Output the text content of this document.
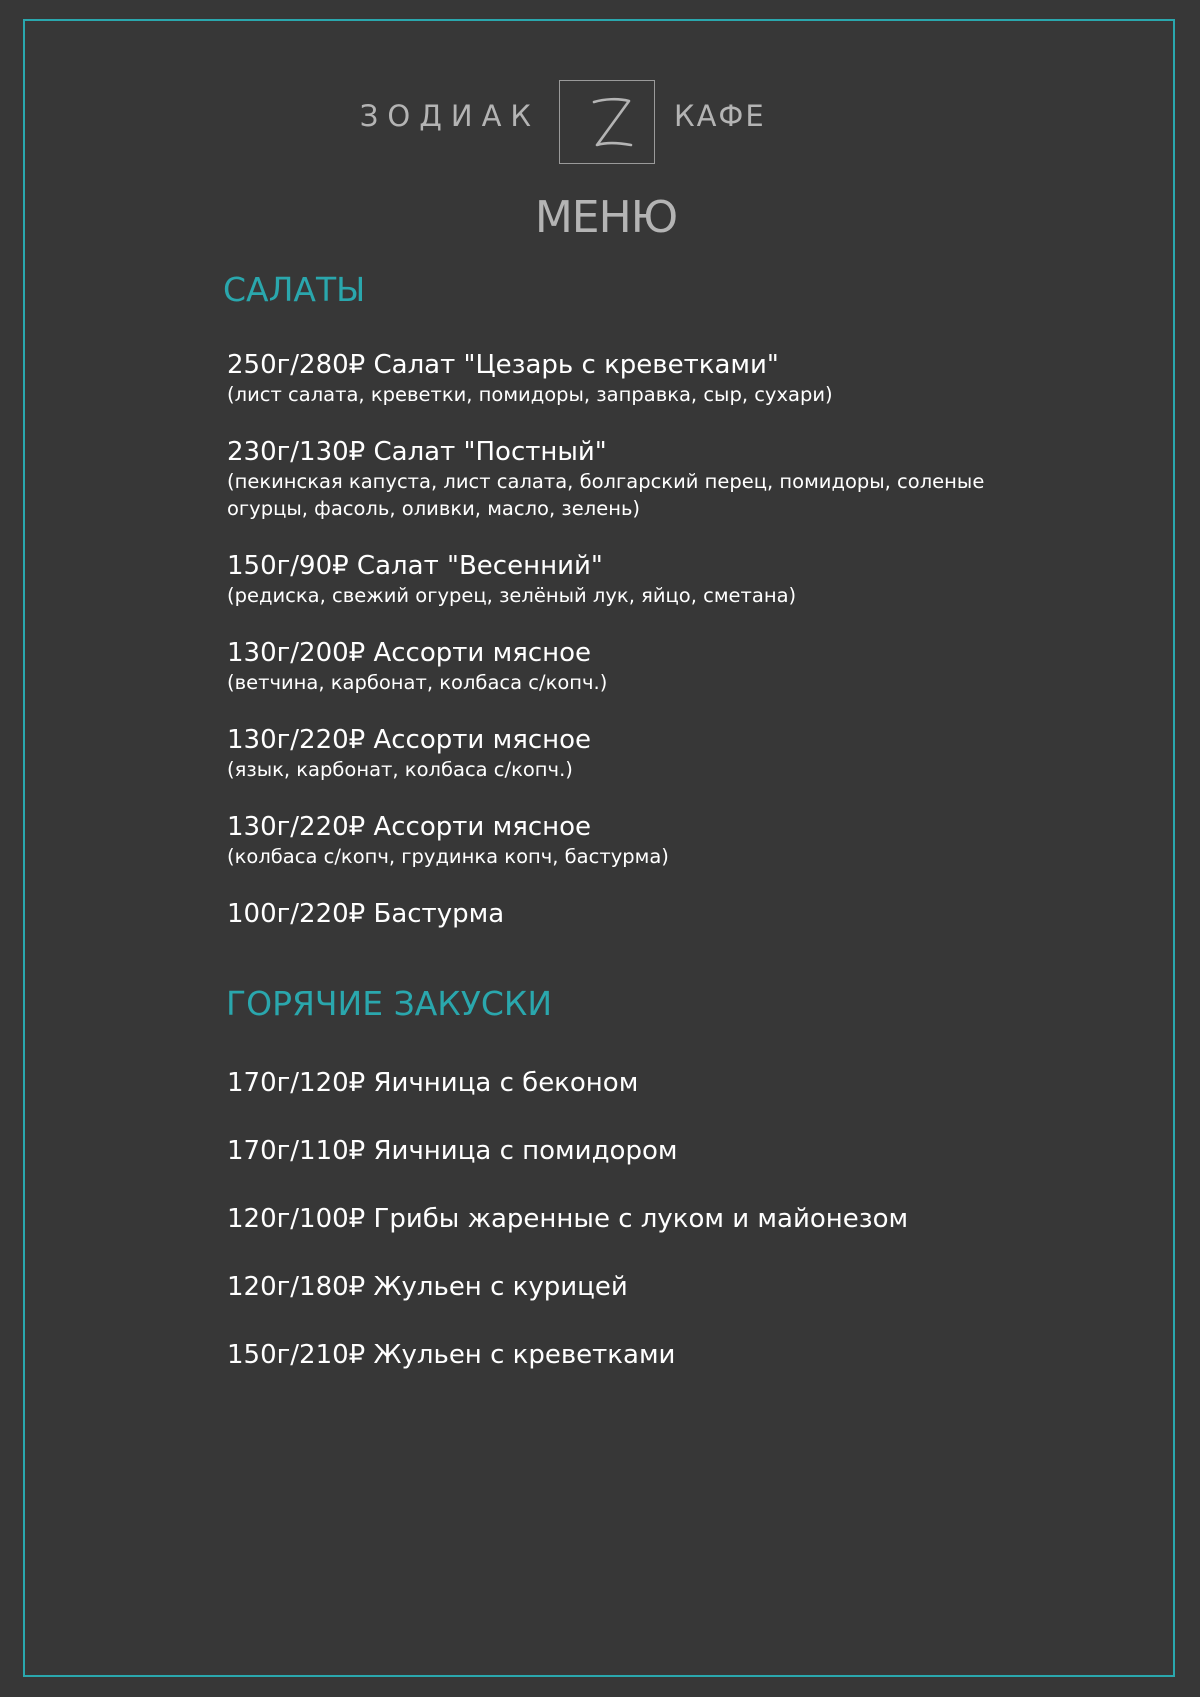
ЗОДИАК	КАФЕ
МЕНЮ
САЛАТЫ
250г/280₽ Салат "Цезарь с креветками"
(лист салата, креветки, помидоры, заправка, сыр, сухари)
230г/130₽ Салат "Постный"
(пекинская капуста, лист салата, болгарский перец, помидоры, соленые огурцы, фасоль, оливки, масло, зелень)
150г/90₽ Салат "Весенний"
(редиска, свежий огурец, зелёный лук, яйцо, сметана)
130г/200₽ Ассорти мясное
(ветчина, карбонат, колбаса с/копч.)
130г/220₽ Ассорти мясное
(язык, карбонат, колбаса с/копч.)
130г/220₽ Ассорти мясное
(колбаса с/копч, грудинка копч, бастурма)
100г/220₽ Бастурма
ГОРЯЧИЕ ЗАКУСКИ
170г/120₽ Яичница с беконом
170г/110₽ Яичница с помидором
120г/100₽ Грибы жаренные с луком и майонезом
120г/180₽ Жульен с курицей
150г/210₽ Жульен с креветками
